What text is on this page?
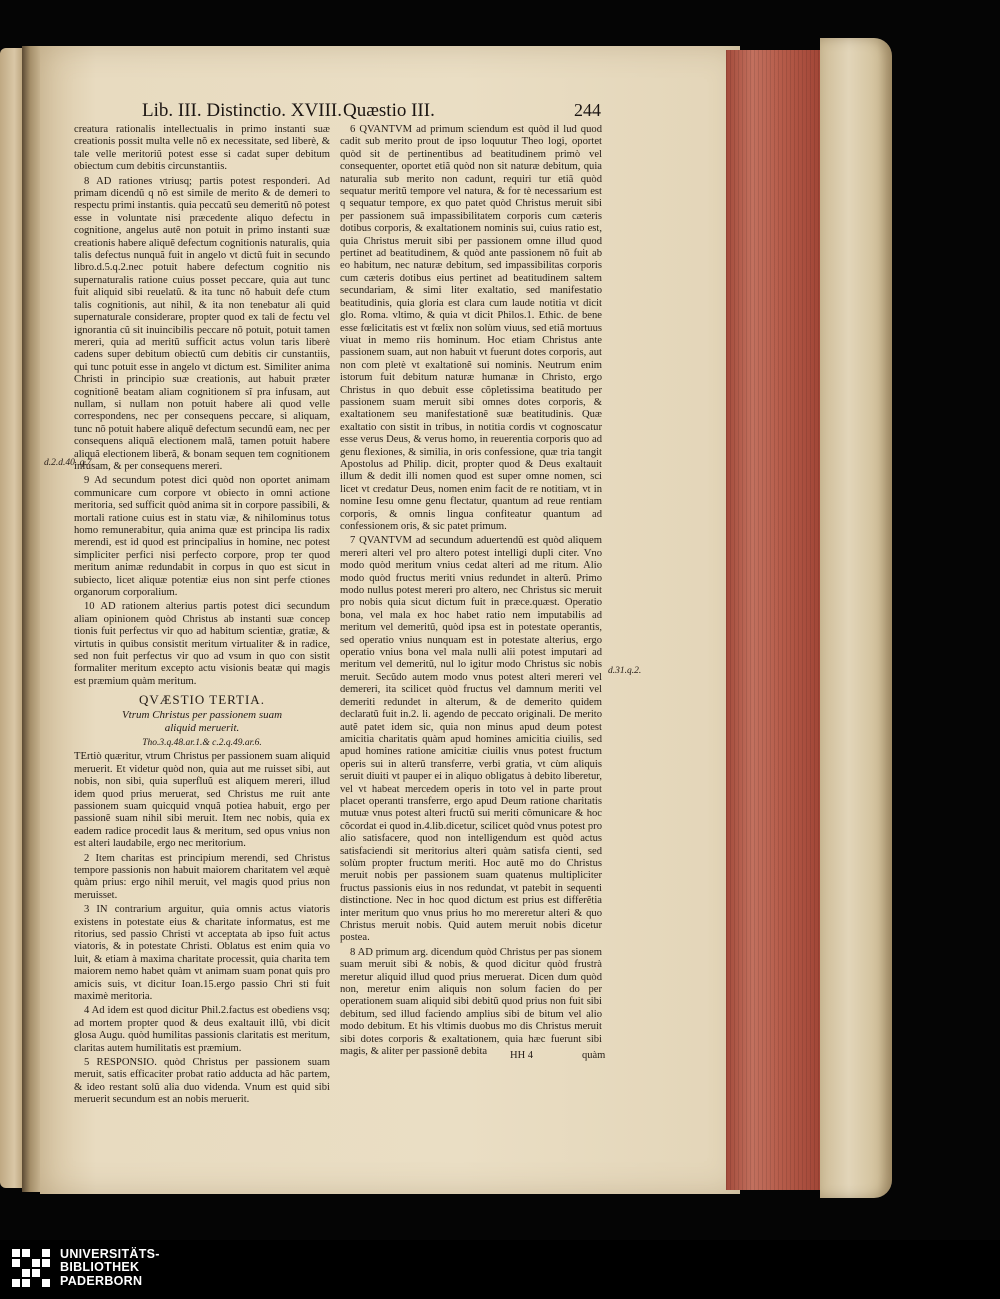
Lib. III. Distinctio. XVIII. Quæstio III.	244
d.2.d.40. q.7.
d.31.q.2.

creatura rationalis intellectualis in primo instanti suæ creationis possit multa velle nõ ex necessitate, sed liberè, & tale velle meritoriũ potest esse si cadat super debitum obiectum cum debitis circunstantiis.

8 AD rationes vtriusq; partis potest responderi. Ad primam dicendũ q nõ est simile de merito & de demeri to respectu primi instantis. quia peccatũ seu demeritũ nõ potest esse in voluntate nisi præcedente aliquo defectu in cognitione, angelus autẽ non potuit in primo instanti suæ creationis habere aliquẽ defectum cognitionis naturalis, quia talis defectus nunquã fuit in angelo vt dictũ fuit in secundo libro.d.5.q.2.nec potuit habere defectum cognitio nis supernaturalis ratione cuius posset peccare, quia aut tunc fuit aliquid sibi reuelatũ. & ita tunc nõ habuit defe ctum talis cognitionis, aut nihil, & ita non tenebatur ali quid supernaturale considerare, propter quod ex tali de fectu vel ignorantia cũ sit inuincibilis peccare nõ potuit, potuit tamen mereri, quia ad meritũ sufficit actus volun taris liberè cadens super debitum obiectũ cum debitis cir cunstantiis, qui tunc potuit esse in angelo vt dictum est. Similiter anima Christi in principio suæ creationis, aut habuit præter cognitionẽ beatam aliam cognitionem sĩ pra infusam, aut nullam, si nullam non potuit habere ali quod velle correspondens, nec per consequens peccare, si aliquam, tunc nõ potuit habere aliquẽ defectum secundũ eam, nec per consequens aliquã electionem malã, tamen potuit habere aliquã electionem liberã, & bonam sequen tem cognitionem infusam, & per consequens mereri.

9 Ad secundum potest dici quòd non oportet animam communicare cum corpore vt obiecto in omni actione meritoria, sed sufficit quòd anima sit in corpore passibili, & mortali ratione cuius est in statu viæ, & nihilominus totus homo remunerabitur, quia anima quæ est principa lis radix merendi, est id quod est principalius in homine, nec potest simpliciter perfici nisi perfecto corpore, prop ter quod meritum animæ redundabit in corpus in quo est sicut in subiecto, licet aliquæ potentiæ eius non sint perfe ctiones organorum corporalium.

10 AD rationem alterius partis potest dici secundum aliam opinionem quòd Christus ab instanti suæ concep tionis fuit perfectus vir quo ad habitum scientiæ, gratiæ, & virtutis in quibus consistit meritum virtualiter & in radice, sed non fuit perfectus vir quo ad vsum in quo con sistit formaliter meritum excepto actu visionis beatæ qui magis est præmium quàm meritum.

QVÆSTIO TERTIA.
Vtrum Christus per passionem suam
aliquid meruerit.
Tho.3.q.48.ar.1.& c.2.q.49.ar.6.

TErtiò quæritur, vtrum Christus per passionem suam aliquid meruerit. Et videtur quòd non, quia aut me ruisset sibi, aut nobis, non sibi, quia superfluũ est aliquem mereri, illud idem quod prius meruerat, sed Christus me ruit ante passionem suam quicquid vnquã potiea habuit, ergo per passionẽ suam nihil sibi meruit. Item nec nobis, quia ex eadem radice procedit laus & meritum, sed opus vnius non est alteri laudabile, ergo nec meritorium.

2 Item charitas est principium merendi, sed Christus tempore passionis non habuit maiorem charitatem vel æquè quàm prius: ergo nihil meruit, vel magis quod prius non meruisset.

3 IN contrarium arguitur, quia omnis actus viatoris existens in potestate eius & charitate informatus, est me ritorius, sed passio Christi vt acceptata ab ipso fuit actus viatoris, & in potestate Christi. Oblatus est enim quia vo luit, & etiam à maxima charitate processit, quia charita tem maiorem nemo habet quàm vt animam suam ponat quis pro amicis suis, vt dicitur Ioan.15.ergo passio Chri sti fuit maximè meritoria.

4 Ad idem est quod dicitur Phil.2.factus est obediens vsq; ad mortem propter quod & deus exaltauit illũ, vbi dicit glosa Augu. quòd humilitas passionis claritatis est meritum, claritas autem humilitatis est præmium.

5 RESPONSIO. quòd Christus per passionem suam meruit, satis efficaciter probat ratio adducta ad hãc partem, & ideo restant solũ alia duo videnda. Vnum est quid sibi meruerit secundum est an nobis meruerit.

6 QVANTVM ad primum sciendum est quòd il lud quod cadit sub merito prout de ipso loquutur Theo logi, oportet quòd sit de pertinentibus ad beatitudinem primò vel consequenter, oportet etiã quòd non sit naturæ debitum, quia naturalia sub merito non cadunt, requiri tur etiã quòd sequatur meritũ tempore vel natura, & for tè necessarium est q sequatur tempore, ex quo patet quòd Christus meruit sibi per passionem suã impassibilitatem corporis cum cæteris dotibus corporis, & exaltationem nominis sui, cuius ratio est, quia Christus meruit sibi per passionem omne illud quod pertinet ad beatitudinem, & quòd ante passionem nõ fuit ab eo habitum, nec naturæ debitum, sed impassibilitas corporis cum cæteris dotibus eius pertinet ad beatitudinem saltem secundariam, & simi liter exaltatio, sed manifestatio beatitudinis, quia gloria est clara cum laude notitia vt dicit glo. Roma. vltimo, & quia vt dicit Philos.1. Ethic. de bene esse fœlicitatis est vt fœlix non solùm viuus, sed etiã mortuus viuat in memo riis hominum. Hoc etiam Christus ante passionem suam, aut non habuit vt fuerunt dotes corporis, aut non com pletè vt exaltationẽ sui nominis. Neutrum enim istorum fuit debitum naturæ humanæ in Christo, ergo Christus in quo debuit esse cõpletissima beatitudo per passionem suam meruit sibi omnes dotes corporis, & exaltationem seu manifestationẽ suæ beatitudinis. Quæ exaltatio con sistit in tribus, in notitia cordis vt cognoscatur esse verus Deus, & verus homo, in reuerentia corporis quo ad genu flexiones, & similia, in oris confessione, quæ tria tangit Apostolus ad Philip. dicit, propter quod & Deus exaltauit illum & dedit illi nomen quod est super omne nomen, sci licet vt credatur Deus, nomen enim facit de re notitiam, vt in nomine Iesu omne genu flectatur, quantum ad reue rentiam corporis, & omnis lingua confiteatur quantum ad confessionem oris, & sic patet primum.

7 QVANTVM ad secundum aduertendũ est quòd aliquem mereri alteri vel pro altero potest intelligi dupli citer. Vno modo quòd meritum vnius cedat alteri ad me ritum. Alio modo quòd fructus meriti vnius redundet in alterũ. Primo modo nullus potest mereri pro altero, nec Christus sic meruit pro nobis quia sicut dictum fuit in præce.quæst. Operatio bona, vel mala ex hoc habet ratio nem imputabilis ad meritum vel demeritũ, quòd ipsa est in potestate operantis, sed operatio vnius nunquam est in potestate alterius, ergo operatio vnius bona vel mala nulli alii potest imputari ad meritum vel demeritũ, nul lo igitur modo Christus sic nobis meruit. Secũdo autem modo vnus potest alteri mereri vel demereri, ita scilicet quòd fructus vel damnum meriti vel demeriti redundet in alterum, & de demerito quidem declaratũ fuit in.2. li. agendo de peccato originali. De merito autẽ patet idem sic, quia non minus apud deum potest amicitia charitatis quàm apud homines amicitia ciuilis, sed apud homines ratione amicitiæ ciuilis vnus potest fructum operis sui in alterũ transferre, verbi gratia, vt cùm aliquis seruit diuiti vt pauper ei in aliquo obligatus à debito liberetur, vel vt habeat mercedem operis in toto vel in parte prout placet operanti transferre, ergo apud Deum ratione charitatis mutuæ vnus potest alteri fructũ sui meriti cõmunicare & hoc cõcordat ei quod in.4.lib.dicetur, scilicet quòd vnus potest pro alio satisfacere, quod non intelligendum est quòd actus satisfaciendi sit meritorius alteri quàm satisfa cienti, sed solùm propter fructum meriti. Hoc autẽ mo do Christus meruit nobis per passionem suam quatenus multipliciter fructus passionis eius in nos redundat, vt patebit in sequenti distinctione. Nec in hoc quod dictum est prius est differẽtia inter meritum quo vnus prius ho mo mereretur alteri & quo Christus meruit nobis. Quid autem meruit nobis dicetur postea.

8 AD primum arg. dicendum quòd Christus per pas sionem suam meruit sibi & nobis, & quod dicitur quòd frustrà meretur aliquid illud quod prius meruerat. Dicen dum quòd non, meretur enim aliquis non solum facien do per operationem suam aliquid sibi debitũ quod prius non fuit sibi debitum, sed illud faciendo amplius sibi de bitum vel alio modo debitum. Et his vltimis duobus mo dis Christus meruit sibi dotes corporis & exaltationem, quia hæc fuerunt sibi magis, & aliter per passionẽ debita	HH 4	quàm
UNIVERSITÄTS-
BIBLIOTHEK
PADERBORN
